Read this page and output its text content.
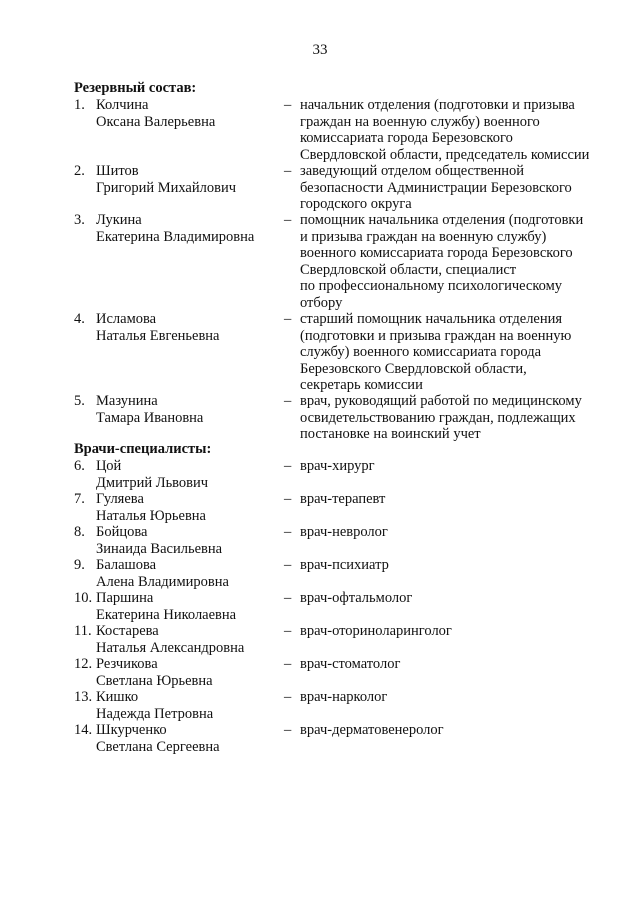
33
Резервный состав:
1. Колчина
Оксана Валерьевна
– начальник отделения (подготовки и призыва
граждан на военную службу) военного
комиссариата города Березовского
Свердловской области, председатель комиссии
2. Шитов
Григорий Михайлович
– заведующий отделом общественной
безопасности Администрации Березовского
городского округа
3. Лукина
Екатерина Владимировна
– помощник начальника отделения (подготовки
и призыва граждан на военную службу)
военного комиссариата города Березовского
Свердловской области, специалист
по профессиональному психологическому
отбору
4. Исламова
Наталья Евгеньевна
– старший помощник начальника отделения
(подготовки и призыва граждан на военную
службу) военного комиссариата города
Березовского Свердловской области,
секретарь комиссии
5. Мазунина
Тамара Ивановна
– врач, руководящий работой по медицинскому
освидетельствованию граждан, подлежащих
постановке на воинский учет
Врачи-специалисты:
6. Цой
Дмитрий Львович
– врач-хирург
7. Гуляева
Наталья Юрьевна
– врач-терапевт
8. Бойцова
Зинаида Васильевна
– врач-невролог
9. Балашова
Алена Владимировна
– врач-психиатр
10. Паршина
Екатерина Николаевна
– врач-офтальмолог
11. Костарева
Наталья Александровна
– врач-оториноларинголог
12. Резчикова
Светлана Юрьевна
– врач-стоматолог
13. Кишко
Надежда Петровна
– врач-нарколог
14. Шкурченко
Светлана Сергеевна
– врач-дерматовенеролог
